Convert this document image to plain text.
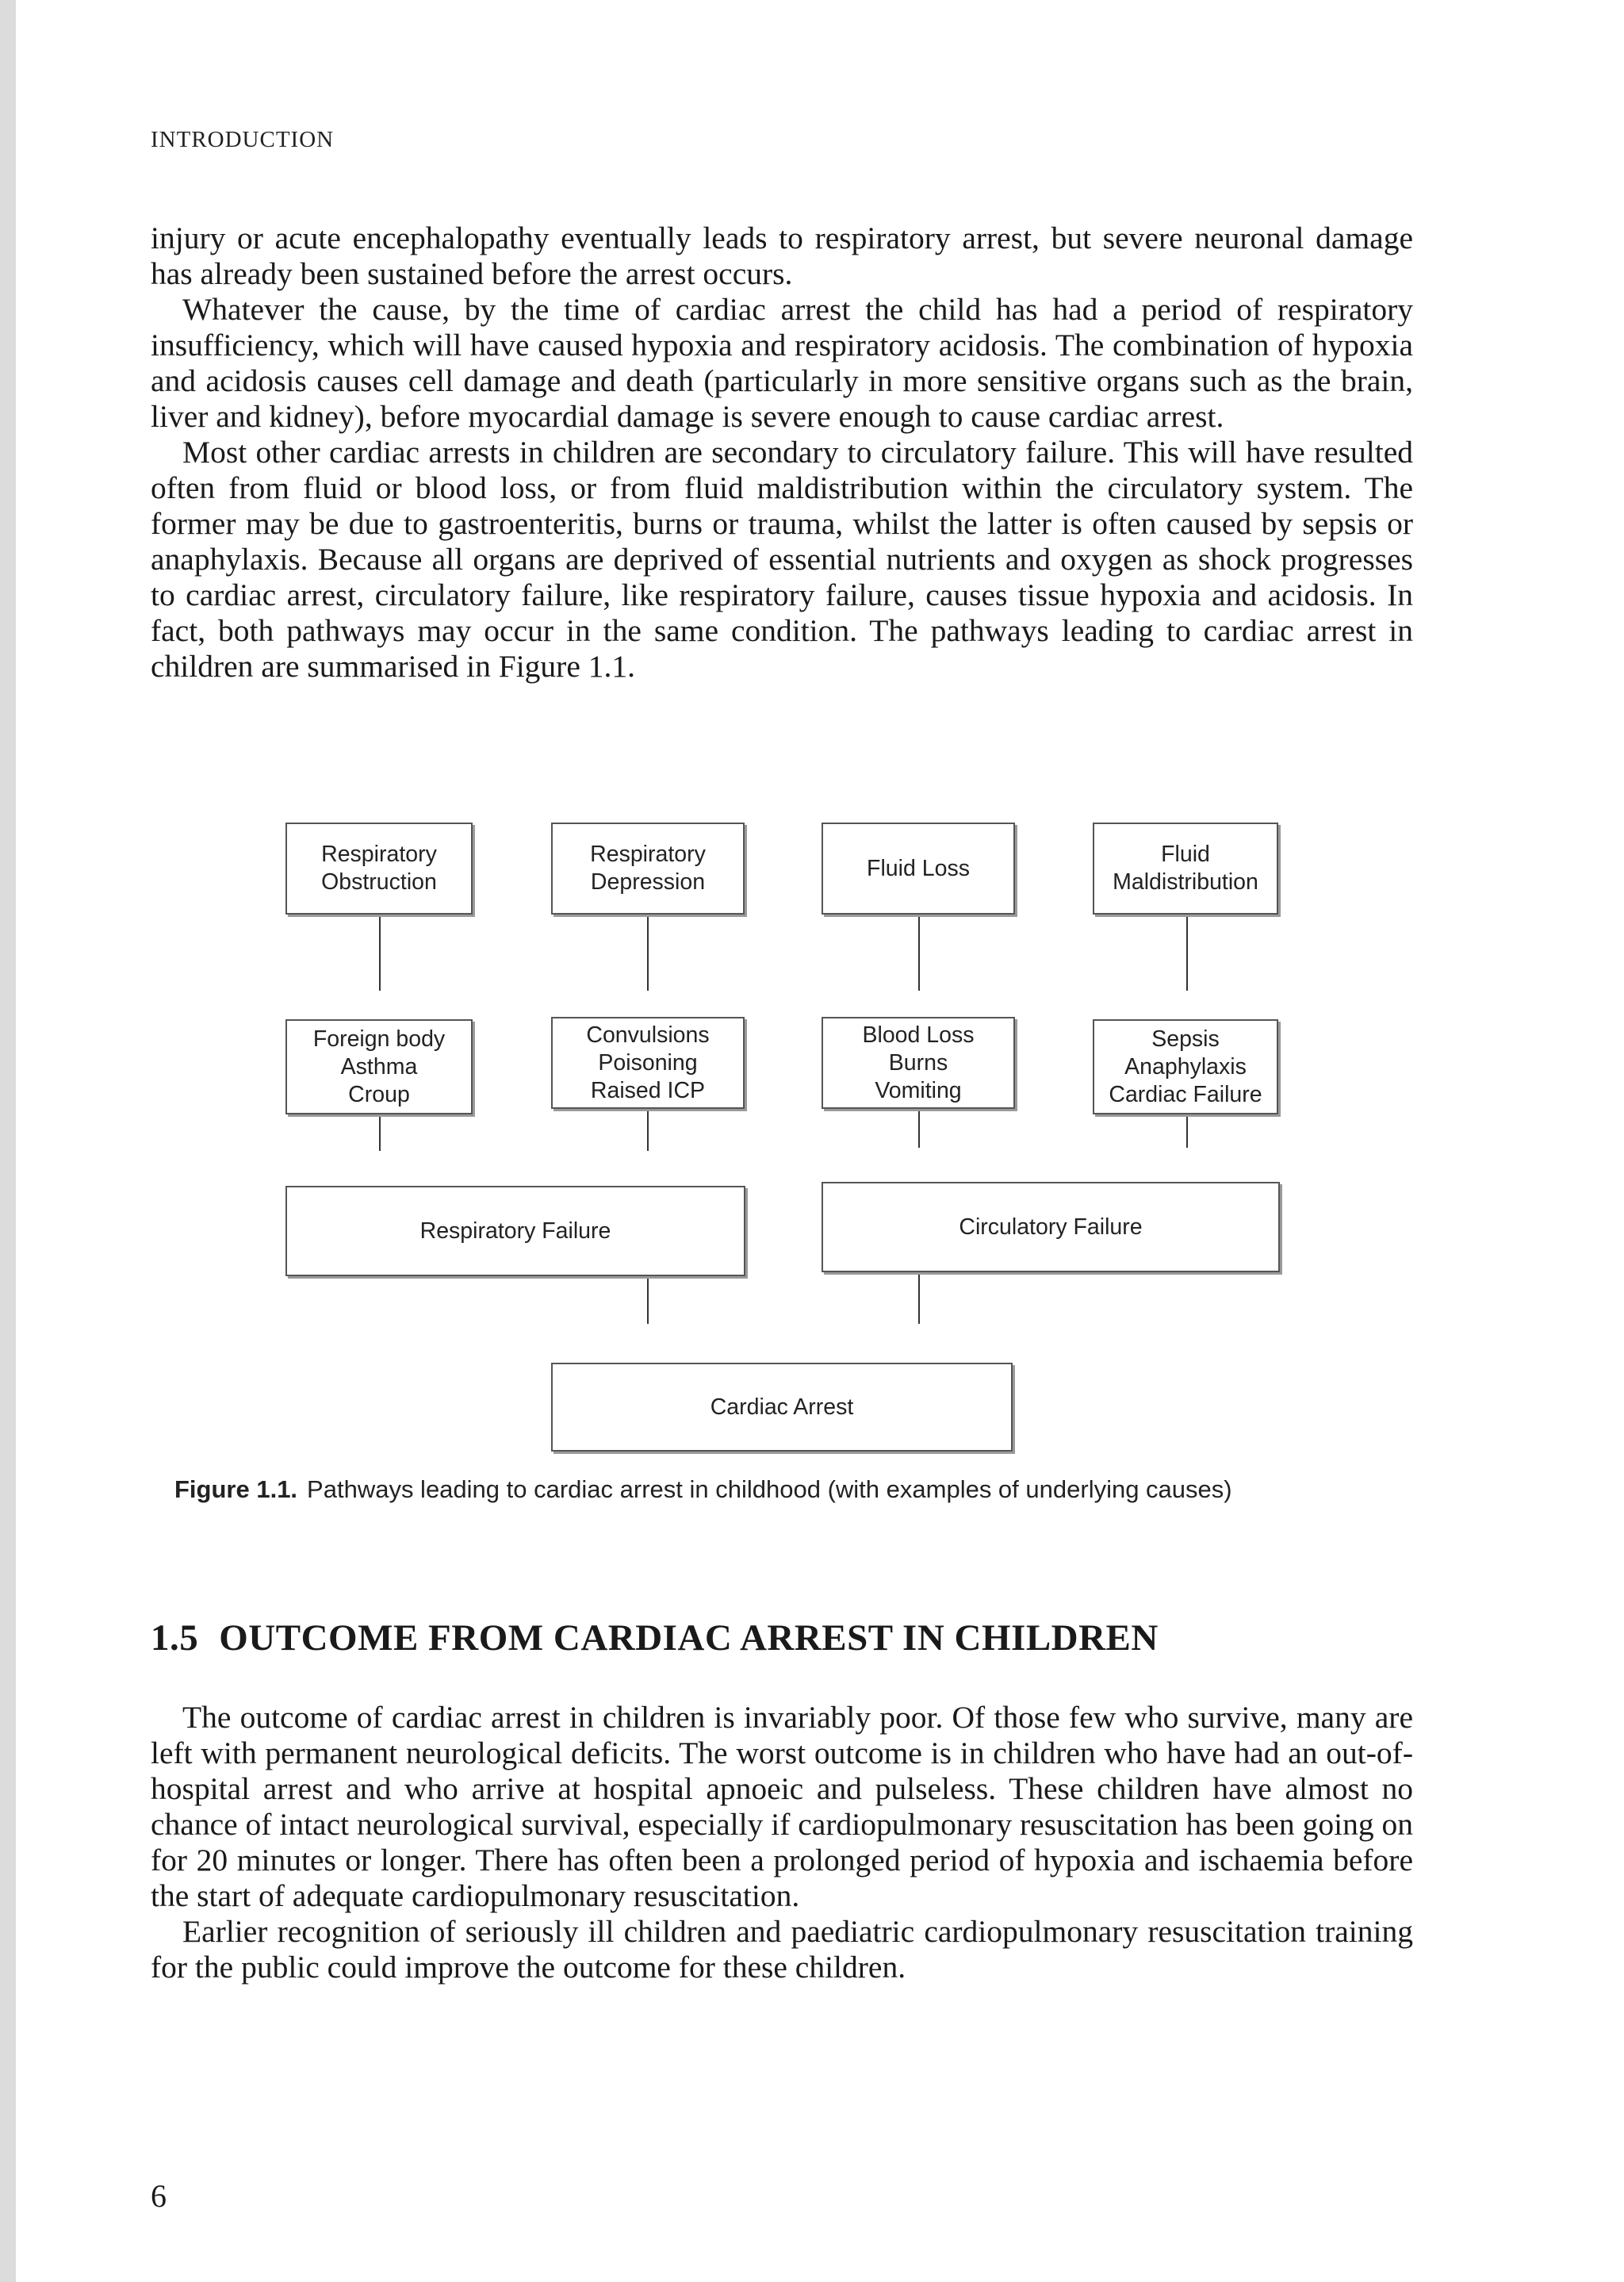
INTRODUCTION

injury or acute encephalopathy eventually leads to respiratory arrest, but severe neuronal damage has already been sustained before the arrest occurs.

Whatever the cause, by the time of cardiac arrest the child has had a period of respiratory insufficiency, which will have caused hypoxia and respiratory acidosis. The combination of hypoxia and acidosis causes cell damage and death (particularly in more sensitive organs such as the brain, liver and kidney), before myocardial damage is severe enough to cause cardiac arrest.

Most other cardiac arrests in children are secondary to circulatory failure. This will have resulted often from fluid or blood loss, or from fluid maldistribution within the circulatory system. The former may be due to gastroenteritis, burns or trauma, whilst the latter is often caused by sepsis or anaphylaxis. Because all organs are deprived of essential nutrients and oxygen as shock progresses to cardiac arrest, circulatory failure, like respiratory failure, causes tissue hypoxia and acidosis. In fact, both pathways may occur in the same condition. The pathways leading to cardiac arrest in children are summarised in Figure 1.1.

Respiratory
Obstruction
Respiratory
Depression
Fluid Loss
Fluid
Maldistribution
Foreign body
Asthma
Croup
Convulsions
Poisoning
Raised ICP
Blood Loss
Burns
Vomiting
Sepsis
Anaphylaxis
Cardiac Failure
Respiratory Failure	Circulatory Failure
Cardiac Arrest
Figure 1.1. Pathways leading to cardiac arrest in childhood (with examples of underlying causes)
1.5 OUTCOME FROM CARDIAC ARREST IN CHILDREN

The outcome of cardiac arrest in children is invariably poor. Of those few who survive, many are left with permanent neurological deficits. The worst outcome is in children who have had an out-of-hospital arrest and who arrive at hospital apnoeic and pulseless. These children have almost no chance of intact neurological survival, especially if cardiopulmonary resuscitation has been going on for 20 minutes or longer. There has often been a prolonged period of hypoxia and ischaemia before the start of adequate cardiopulmonary resuscitation.

Earlier recognition of seriously ill children and paediatric cardiopulmonary resuscitation training for the public could improve the outcome for these children.

6
